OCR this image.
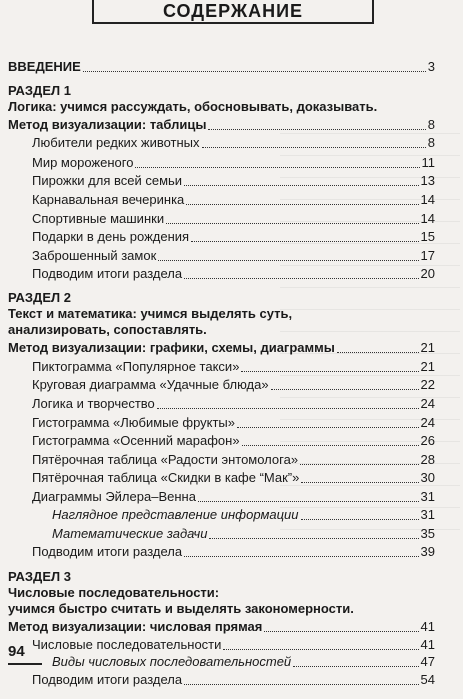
СОДЕРЖАНИЕ
ВВЕДЕНИЕ	3
РАЗДЕЛ 1
Логика: учимся рассуждать, обосновывать, доказывать.
Метод визуализации: таблицы	8
Любители редких животных	8
Мир мороженого	11
Пирожки для всей семьи	13
Карнавальная вечеринка	14
Спортивные машинки	14
Подарки в день рождения	15
Заброшенный замок	17
Подводим итоги раздела	20
РАЗДЕЛ 2
Текст и математика: учимся выделять суть,
анализировать, сопоставлять.
Метод визуализации: графики, схемы, диаграммы	21
Пиктограмма «Популярное такси»	21
Круговая диаграмма «Удачные блюда»	22
Логика и творчество	24
Гистограмма «Любимые фрукты»	24
Гистограмма «Осенний марафон»	26
Пятёрочная таблица «Радости энтомолога»	28
Пятёрочная таблица «Скидки в кафе “Мак”»	30
Диаграммы Эйлера–Венна	31
Наглядное представление информации	31
Математические задачи	35
Подводим итоги раздела	39
РАЗДЕЛ 3
Числовые последовательности:
учимся быстро считать и выделять закономерности.
Метод визуализации: числовая прямая	41
Числовые последовательности	41
Виды числовых последовательностей	47
Подводим итоги раздела	54
94
